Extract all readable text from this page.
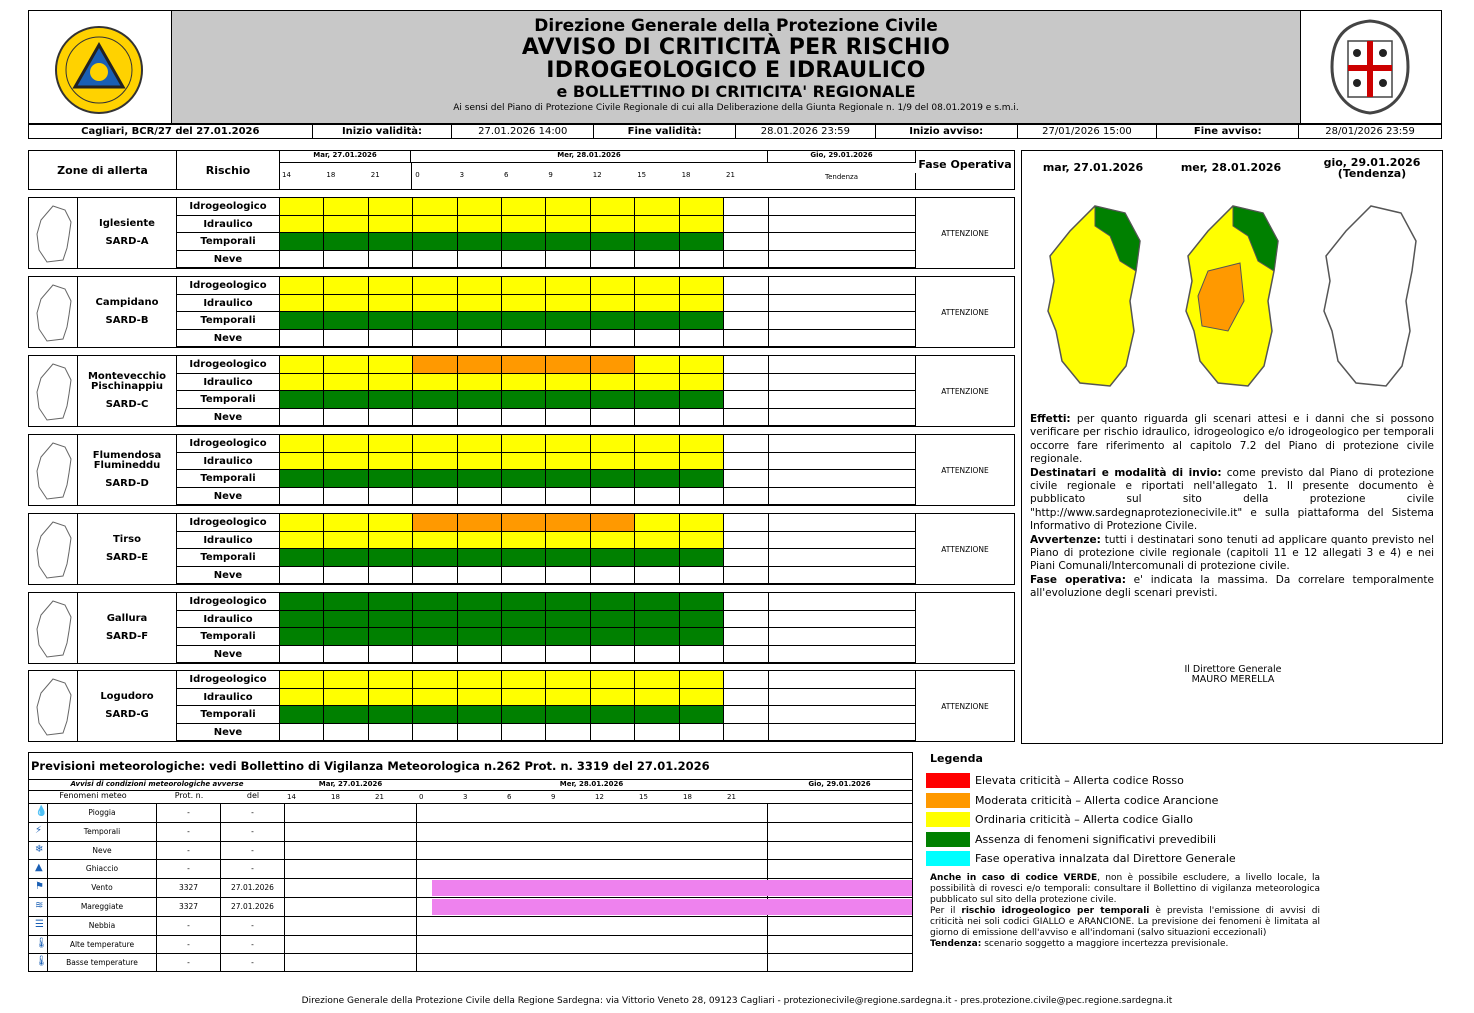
Direzione Generale della Protezione Civile
AVVISO DI CRITICITÀ PER RISCHIO
IDROGEOLOGICO E IDRAULICO
e BOLLETTINO DI CRITICITA' REGIONALE
Ai sensi del Piano di Protezione Civile Regionale di cui alla Deliberazione della Giunta Regionale n. 1/9 del 08.01.2019 e s.m.i.
Cagliari, BCR/27 del 27.01.2026	Inizio validità:	27.01.2026 14:00	Fine validità:	28.01.2026 23:59	Inizio avviso:	27/01/2026 15:00	Fine avviso:	28/01/2026 23:59
Zone di allerta	Rischio
Mar, 27.01.2026	Mer, 28.01.2026	Gio, 29.01.2026
14	18	21	0	3	6	9	12	15	18	21	Tendenza
Fase Operativa
Iglesiente
SARD-A
Idrogeologico
Idraulico
Temporali
Neve
ATTENZIONE
Campidano
SARD-B
Idrogeologico
Idraulico
Temporali
Neve
ATTENZIONE
Montevecchio Pischinappiu
SARD-C
Idrogeologico
Idraulico
Temporali
Neve
ATTENZIONE
Flumendosa Flumineddu
SARD-D
Idrogeologico
Idraulico
Temporali
Neve
ATTENZIONE
Tirso
SARD-E
Idrogeologico
Idraulico
Temporali
Neve
ATTENZIONE
Gallura
SARD-F
Idrogeologico
Idraulico
Temporali
Neve
Logudoro
SARD-G
Idrogeologico
Idraulico
Temporali
Neve
ATTENZIONE
mar, 27.01.2026	mer, 28.01.2026	gio, 29.01.2026
(Tendenza)
Effetti: per quanto riguarda gli scenari attesi e i danni che si possono verificare per rischio idraulico, idrogeologico e/o idrogeologico per temporali occorre fare riferimento al capitolo 7.2 del Piano di protezione civile regionale.
Destinatari e modalità di invio: come previsto dal Piano di protezione civile regionale e riportati nell'allegato 1. Il presente documento è pubblicato sul sito della protezione civile "http://www.sardegnaprotezionecivile.it" e sulla piattaforma del Sistema Informativo di Protezione Civile.
Avvertenze: tutti i destinatari sono tenuti ad applicare quanto previsto nel Piano di protezione civile regionale (capitoli 11 e 12 allegati 3 e 4) e nei Piani Comunali/Intercomunali di protezione civile.
Fase operativa: e' indicata la massima. Da correlare temporalmente all'evoluzione degli scenari previsti.
Il Direttore Generale
MAURO MERELLA
Previsioni meteorologiche: vedi Bollettino di Vigilanza Meteorologica n.262 Prot. n. 3319 del 27.01.2026
Avvisi di condizioni meteorologiche avverse	Mar, 27.01.2026	Mer, 28.01.2026	Gio, 29.01.2026
Fenomeni meteo	Prot. n.	del	14	18	21	0	3	6	9	12	15	18	21
💧	Pioggia	-	-
⚡	Temporali	-	-
❄	Neve	-	-
▲	Ghiaccio	-	-
⚑	Vento	3327	27.01.2026
≋	Mareggiate	3327	27.01.2026
☰	Nebbia	-	-
🌡	Alte temperature	-	-
🌡	Basse temperature	-	-
Legenda
Elevata criticità – Allerta codice Rosso
Moderata criticità – Allerta codice Arancione
Ordinaria criticità – Allerta codice Giallo
Assenza di fenomeni significativi prevedibili
Fase operativa innalzata dal Direttore Generale
Anche in caso di codice VERDE, non è possibile escludere, a livello locale, la possibilità di rovesci e/o temporali: consultare il Bollettino di vigilanza meteorologica pubblicato sul sito della protezione civile.
Per il rischio idrogeologico per temporali è prevista l'emissione di avvisi di criticità nei soli codici GIALLO e ARANCIONE. La previsione dei fenomeni è limitata al giorno di emissione dell'avviso e all'indomani (salvo situazioni eccezionali)
Tendenza: scenario soggetto a maggiore incertezza previsionale.
Direzione Generale della Protezione Civile della Regione Sardegna: via Vittorio Veneto 28, 09123 Cagliari - protezionecivile@regione.sardegna.it - pres.protezione.civile@pec.regione.sardegna.it
